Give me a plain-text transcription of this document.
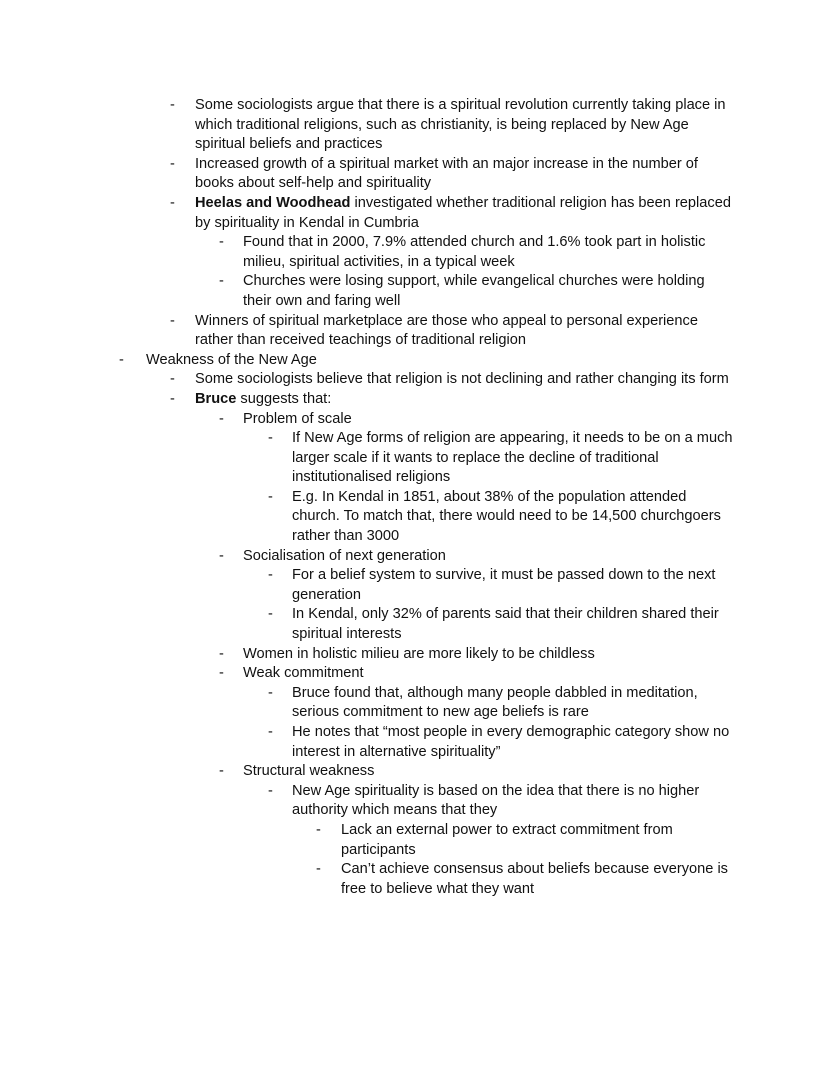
- Some sociologists argue that there is a spiritual revolution currently taking place in which traditional religions, such as christianity, is being replaced by New Age spiritual beliefs and practices
- Increased growth of a spiritual market with an major increase in the number of books about self-help and spirituality
- Heelas and Woodhead investigated whether traditional religion has been replaced by spirituality in Kendal in Cumbria
- Found that in 2000, 7.9% attended church and 1.6% took part in holistic milieu, spiritual activities, in a typical week
- Churches were losing support, while evangelical churches were holding their own and faring well
- Winners of spiritual marketplace are those who appeal to personal experience rather than received teachings of traditional religion
- Weakness of the New Age
- Some sociologists believe that religion is not declining and rather changing its form
- Bruce suggests that:
- Problem of scale
- If New Age forms of religion are appearing, it needs to be on a much larger scale if it wants to replace the decline of traditional institutionalised religions
- E.g. In Kendal in 1851, about 38% of the population attended church. To match that, there would need to be 14,500 churchgoers rather than 3000
- Socialisation of next generation
- For a belief system to survive, it must be passed down to the next generation
- In Kendal, only 32% of parents said that their children shared their spiritual interests
- Women in holistic milieu are more likely to be childless
- Weak commitment
- Bruce found that, although many people dabbled in meditation, serious commitment to new age beliefs is rare
- He notes that “most people in every demographic category show no interest in alternative spirituality”
- Structural weakness
- New Age spirituality is based on the idea that there is no higher authority which means that they
- Lack an external power to extract commitment from participants
- Can’t achieve consensus about beliefs because everyone is free to believe what they want
